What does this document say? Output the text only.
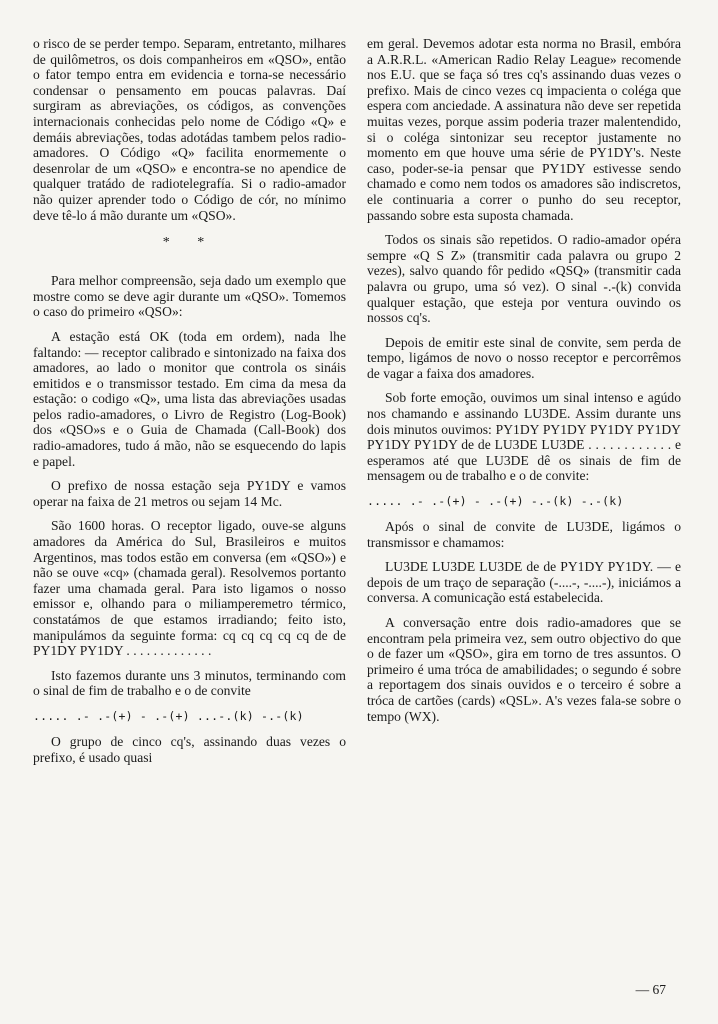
o risco de se perder tempo. Separam, entretanto, milhares de quilômetros, os dois companheiros em «QSO», então o fator tempo entra em evidencia e torna-se necessário condensar o pensamento em poucas palavras. Daí surgiram as abreviações, os códigos, as convenções internacionais conhecidas pelo nome de Código «Q» e demáis abreviações, todas adotádas tambem pelos radio-amadores. O Código «Q» facilita enormemente o desenrolar de um «QSO» e encontra-se no apendice de qualquer tratádo de radiotelegrafía. Si o radio-amador não quizer aprender todo o Código de cór, no mínimo deve tê-lo á mão durante um «QSO».

* *

Para melhor compreensão, seja dado um exemplo que mostre como se deve agir durante um «QSO». Tomemos o caso do primeiro «QSO»:

A estação está OK (toda em ordem), nada lhe faltando: — receptor calibrado e sintonizado na faixa dos amadores, ao lado o monitor que controla os sináis emitidos e o transmissor testado. Em cima da mesa da estação: o codigo «Q», uma lista das abreviações usadas pelos radio-amadores, o Livro de Registro (Log-Book) dos «QSO»s e o Guia de Chamada (Call-Book) dos radio-amadores, tudo á mão, não se esquecendo do lapis e papel.

O prefixo de nossa estação seja PY1DY e vamos operar na faixa de 21 metros ou sejam 14 Mc.

São 1600 horas. O receptor ligado, ouve-se alguns amadores da América do Sul, Brasileiros e muitos Argentinos, mas todos estão em conversa (em «QSO») e não se ouve «cq» (chamada geral). Resolvemos portanto fazer uma chamada geral. Para isto ligamos o nosso emissor e, olhando para o miliamperemetro térmico, constatámos de que estamos irradiando; feito isto, manipulámos da seguinte forma: cq cq cq cq cq de de PY1DY PY1DY . . . . . . . . . . . . .

Isto fazemos durante uns 3 minutos, terminando com o sinal de fim de trabalho e o de convite

..... .- .-(+) - .-(+) ...-.(k) -.-(k)

O grupo de cinco cq's, assinando duas vezes o prefixo, é usado quasi

em geral. Devemos adotar esta norma no Brasil, embóra a A.R.R.L. «American Radio Relay League» recomende nos E.U. que se faça só tres cq's assinando duas vezes o prefixo. Mais de cinco vezes cq impacienta o coléga que espera com anciedade. A assinatura não deve ser repetida muitas vezes, porque assim poderia trazer malentendido, si o coléga sintonizar seu receptor justamente no momento em que houve uma série de PY1DY's. Neste caso, poder-se-ia pensar que PY1DY estivesse sendo chamado e como nem todos os amadores são indiscretos, ele continuaria a correr o punho do seu receptor, passando sobre esta suposta chamada.

Todos os sinais são repetidos. O radio-amador opéra sempre «Q S Z» (transmitir cada palavra ou grupo 2 vezes), salvo quando fôr pedido «QSQ» (transmitir cada palavra ou grupo, uma só vez). O sinal -.-(k) convida qualquer estação, que esteja por ventura ouvindo os nossos cq's.

Depois de emitir este sinal de convite, sem perda de tempo, ligámos de novo o nosso receptor e percorrêmos de vagar a faixa dos amadores.

Sob forte emoção, ouvimos um sinal intenso e agúdo nos chamando e assinando LU3DE. Assim durante uns dois minutos ouvimos: PY1DY PY1DY PY1DY PY1DY PY1DY PY1DY de de LU3DE LU3DE . . . . . . . . . . . . e esperamos até que LU3DE dê os sinais de fim de mensagem ou de trabalho e o de convite:

..... .- .-(+) - .-(+) -.-(k) -.-(k)

Após o sinal de convite de LU3DE, ligámos o transmissor e chamamos:

LU3DE LU3DE LU3DE de de PY1DY PY1DY. — e depois de um traço de separação (-....-, -....-), iniciámos a conversa. A comunicação está estabelecida.

A conversação entre dois radio-amadores que se encontram pela primeira vez, sem outro objectivo do que o de fazer um «QSO», gira em torno de tres assuntos. O primeiro é uma tróca de amabilidades; o segundo é sobre a reportagem dos sinais ouvidos e o terceiro é sobre a tróca de cartões (cards) «QSL». A's vezes fala-se sobre o tempo (WX).

— 67
